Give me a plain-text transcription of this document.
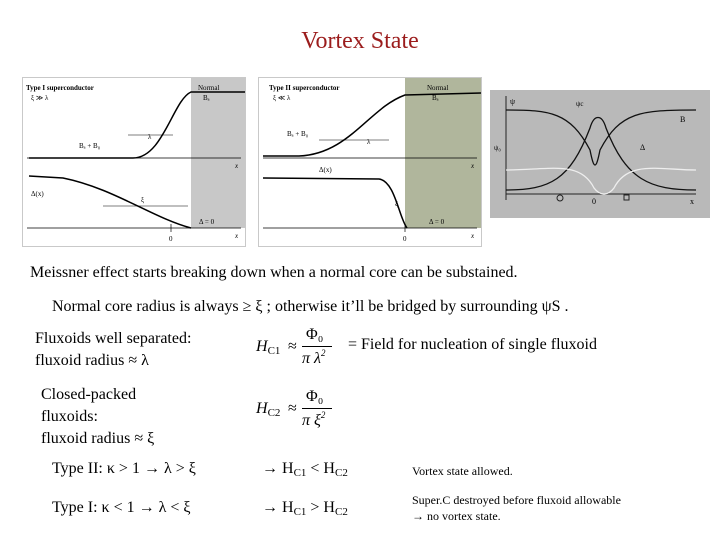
Vortex State
Type I superconductor
ξ ≫ λ
Normal
Bₐ
x
λ
Bₐ + B₀
Δ(x)
ξ
Δ = 0
0	x
Type II superconductor
ξ ≪ λ
Normal
Bₐ
x
λ
Bₐ + B₀
Δ(x)
ξ
Δ = 0
0	x
ψ
B
Δ
x
0
ψc
ψ₀
Meissner effect starts breaking down when a normal core can be substained.
Normal core radius is always ≥ ξ ; otherwise it’ll be bridged by surrounding ψS .
Fluxoids well separated:
fluxoid radius ≈ λ
$H_{C1}$ ≈
Φ₀
π $\lambda^2$ = Field for nucleation of single fluxoid
Closed-packed
fluxoids:
fluxoid radius ≈ ξ
$H_{C2}$ ≈
Φ₀
π $\xi^2$
Type II: κ > 1 → λ > ξ	→ $H_{C1} < H_{C2}$	Vortex state allowed.
Type I: κ < 1 → λ < ξ	→ $H_{C1} > H_{C2}$
Super.C destroyed before fluxoid allowable
→ no vortex state.
